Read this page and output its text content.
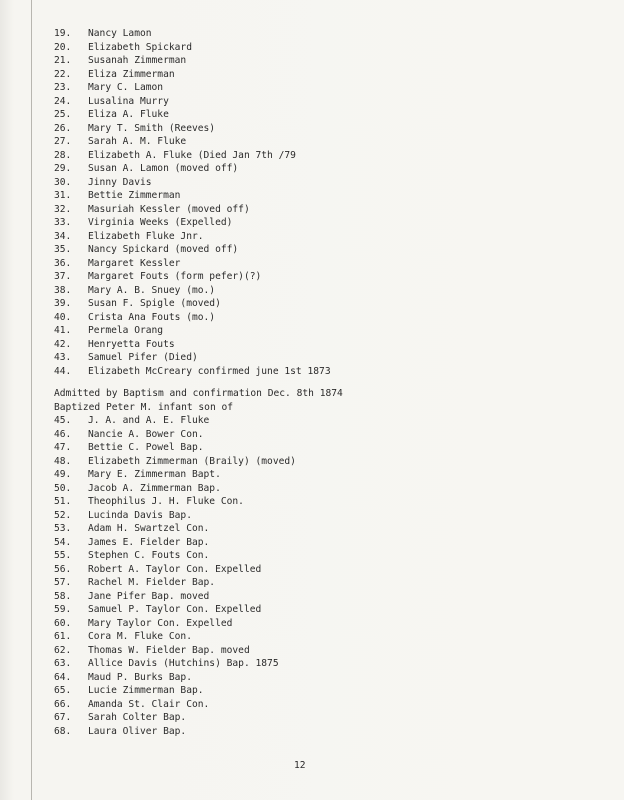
19.	Nancy Lamon
20.	Elizabeth Spickard
21.	Susanah Zimmerman
22.	Eliza Zimmerman
23.	Mary C. Lamon
24.	Lusalina Murry
25.	Eliza A. Fluke
26.	Mary T. Smith (Reeves)
27.	Sarah A. M. Fluke
28.	Elizabeth A. Fluke (Died Jan 7th /79
29.	Susan A. Lamon (moved off)
30.	Jinny Davis
31.	Bettie Zimmerman
32.	Masuriah Kessler (moved off)
33.	Virginia Weeks (Expelled)
34.	Elizabeth Fluke Jnr.
35.	Nancy Spickard (moved off)
36.	Margaret Kessler
37.	Margaret Fouts (form pefer)(?)
38.	Mary A. B. Snuey (mo.)
39.	Susan F. Spigle (moved)
40.	Crista Ana Fouts (mo.)
41.	Permela Orang
42.	Henryetta Fouts
43.	Samuel Pifer (Died)
44.	Elizabeth McCreary confirmed june 1st 1873
Admitted by Baptism and confirmation Dec. 8th 1874
Baptized Peter M. infant son of
45.	J. A. and A. E. Fluke
46.	Nancie A. Bower Con.
47.	Bettie C. Powel Bap.
48.	Elizabeth Zimmerman (Braily) (moved)
49.	Mary E. Zimmerman Bapt.
50.	Jacob A. Zimmerman Bap.
51.	Theophilus J. H. Fluke Con.
52.	Lucinda Davis Bap.
53.	Adam H. Swartzel Con.
54.	James E. Fielder Bap.
55.	Stephen C. Fouts Con.
56.	Robert A. Taylor Con. Expelled
57.	Rachel M. Fielder Bap.
58.	Jane Pifer Bap. moved
59.	Samuel P. Taylor Con. Expelled
60.	Mary Taylor Con. Expelled
61.	Cora M. Fluke Con.
62.	Thomas W. Fielder Bap. moved
63.	Allice Davis (Hutchins) Bap. 1875
64.	Maud P. Burks Bap.
65.	Lucie Zimmerman Bap.
66.	Amanda St. Clair Con.
67.	Sarah Colter Bap.
68.	Laura Oliver Bap.
12
